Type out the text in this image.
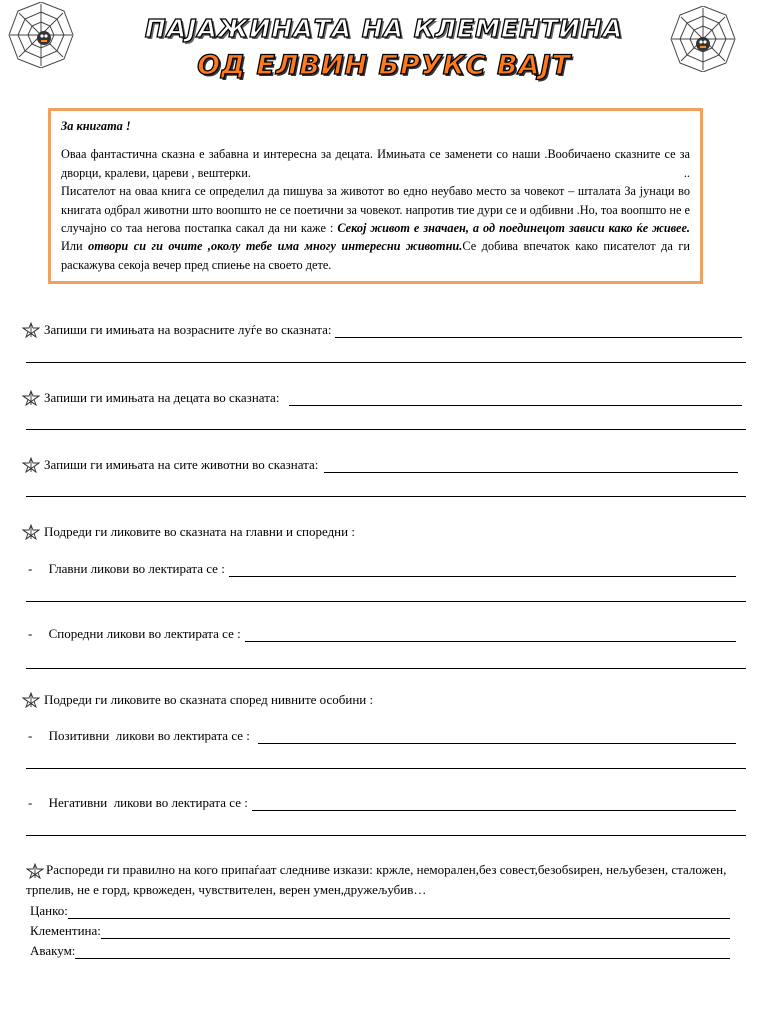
ПАЈАЖИНАТА НА КЛЕМЕНТИНА
ОД ЕЛВИН БРУКС ВАЈТ

За книгата !

Оваа фантастична сказна е забавна и интересна за децата. Имињата се заменети со наши .Вообичаено сказните се за дворци, кралеви, цареви , вештерки.	..

Писателот на оваа книга се определил да пишува за животот во едно неубаво место за човекот – шталата За јунаци во книгата одбрал животни што воопшто не се поетични за човекот. напротив тие дури се и одбивни .Но, тоа воопшто не е случајно со таа негова постапка сакал да ни каже : Секој живот е значаен, а од поединецот зависи како ќе живее. Или отвори си ги очите ,околу тебе има многу интересни животни.Се добива впечаток како писателот да ги раскажува секоја вечер пред спиење на своето дете.

Запиши ги имињата на возрасните луѓе во сказната:
Запиши ги имињата на децата во сказната:
Запиши ги имињата на сите животни во сказната:
Подреди ги ликовите во сказната на главни и споредни :
-     Главни ликови во лектирата се :
-     Споредни ликови во лектирата се :
Подреди ги ликовите во сказната според нивните особини :
-     Позитивни  ликови во лектирата се :
-     Негативни  ликови во лектирата се :
Распореди ги правилно на кого припаѓаат следниве изкази: кржле, неморален,без совест,безобѕирен, нељубезен, сталожен, трпелив, не е горд, крвожеден, чувствителен, верен умен,дружељубив…
Цанко:
Клементина:
Авакум:
